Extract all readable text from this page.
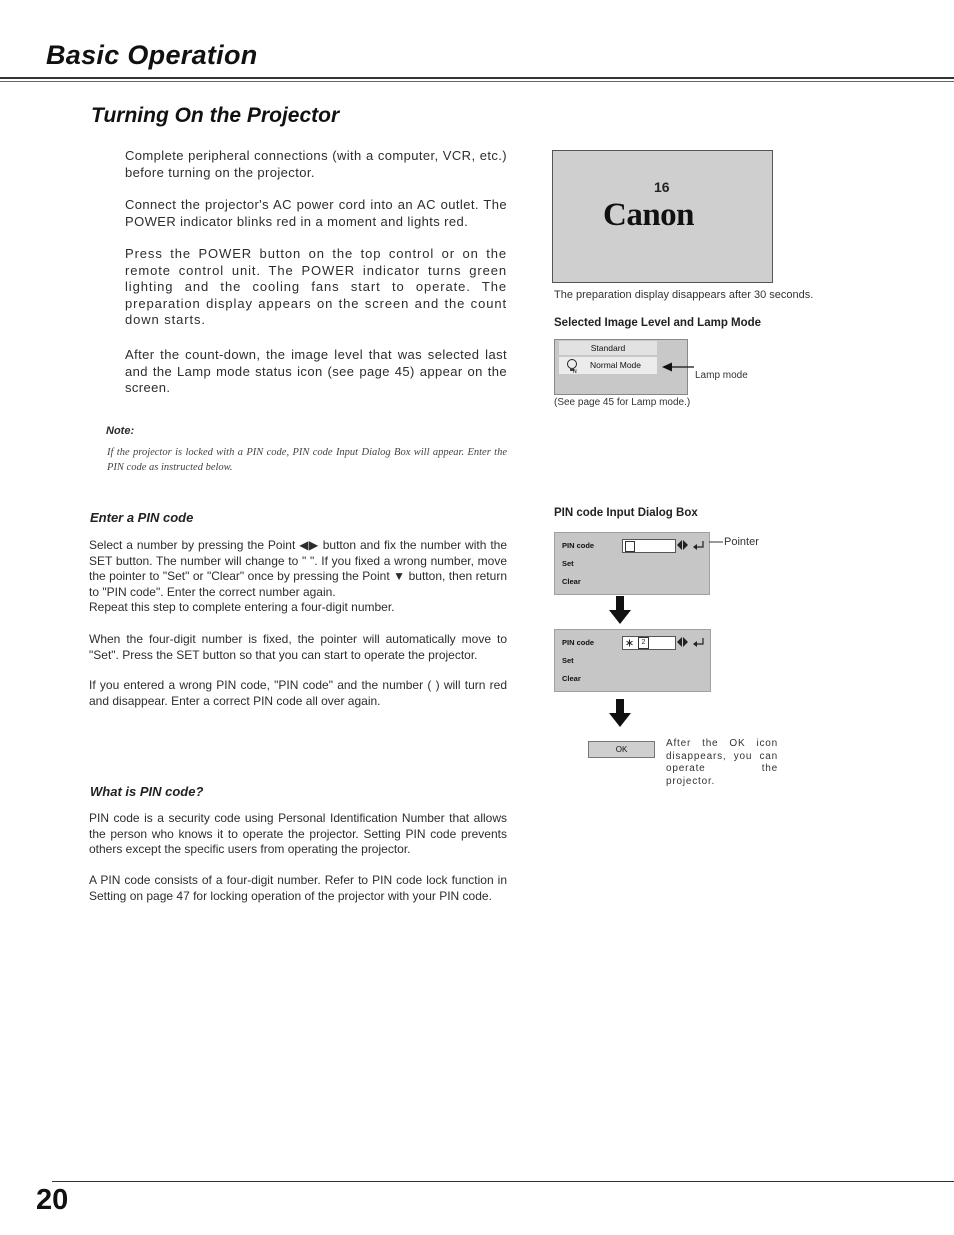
Basic Operation
Turning On the Projector
Complete peripheral connections (with a computer, VCR, etc.) before turning on the projector.
Connect the projector's AC power cord into an AC outlet. The POWER indicator blinks red in a moment and lights red.
Press the POWER button on the top control or on the remote control unit. The POWER indicator turns green lighting and the cooling fans start to operate. The preparation display appears on the screen and the count down starts.
After the count-down, the image level that was selected last and the Lamp mode status icon (see page 45) appear on the screen.
Note:
If the projector is locked with a PIN code, PIN code Input Dialog Box will appear. Enter the PIN code as instructed below.
16
Canon
The preparation display disappears after 30 seconds.
Selected Image Level and Lamp Mode
Standard
N
Normal Mode
Lamp mode
(See page 45 for Lamp mode.)
Enter a PIN code
Select a number by pressing the Point ◀▶ button and fix the number with the SET button. The number will change to " ". If you fixed a wrong number, move the pointer to "Set" or "Clear" once by pressing the Point ▼ button, then return to "PIN code". Enter the correct number again.
Repeat this step to complete entering a four-digit number.
When the four-digit number is fixed, the pointer will automatically move to "Set". Press the SET button so that you can start to operate the projector.
If you entered a wrong PIN code, "PIN code" and the number ( ) will turn red and disappear. Enter a correct PIN code all over again.
PIN code Input Dialog Box
PIN code
Set
Clear
Pointer
PIN code
Set
Clear
2
OK
After the OK icon disappears, you can operate the projector.
What is PIN code?
PIN code is a security code using Personal Identification Number that allows the person who knows it to operate the projector. Setting PIN code prevents others except the specific users from operating the projector.
A PIN code consists of a four-digit number. Refer to PIN code lock function in Setting on page 47 for locking operation of the projector with your PIN code.
20
